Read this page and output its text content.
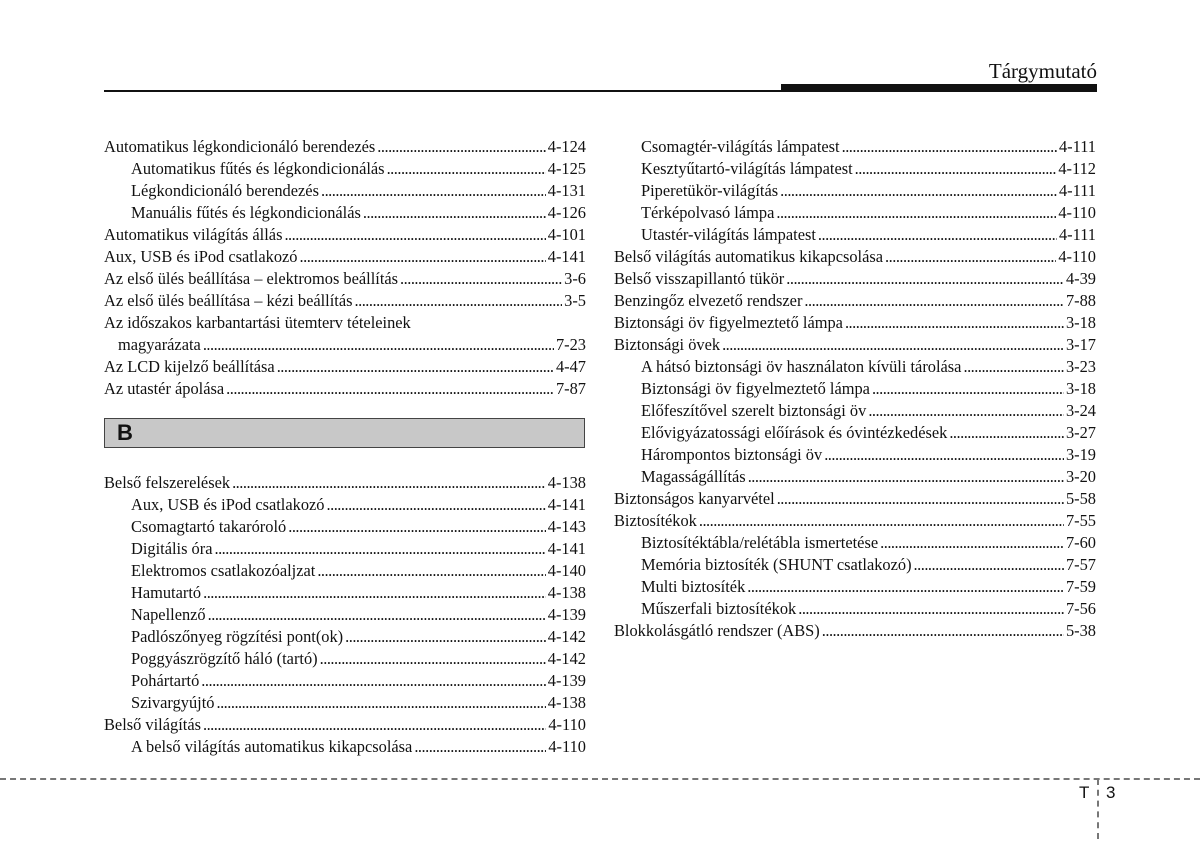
Tárgymutató
Automatikus légkondicionáló berendezés . . .	4-124
Automatikus fűtés és légkondicionálás . . .	4-125
Légkondicionáló berendezés . . .	4-131
Manuális fűtés és légkondicionálás . . .	4-126
Automatikus világítás állás . . .	4-101
Aux, USB és iPod csatlakozó . . .	4-141
Az első ülés beállítása – elektromos beállítás . . .	3-6
Az első ülés beállítása – kézi beállítás . . .	3-5
Az időszakos karbantartási ütemterv tételeinek
magyarázata . . .	7-23
Az LCD kijelző beállítása . . .	4-47
Az utastér ápolása . . .	7-87
B
Belső felszerelések . . .	4-138
Aux, USB és iPod csatlakozó . . .	4-141
Csomagtartó takaróroló . . .	4-143
Digitális óra . . .	4-141
Elektromos csatlakozóaljzat . . .	4-140
Hamutartó . . .	4-138
Napellenző . . .	4-139
Padlószőnyeg rögzítési pont(ok) . . .	4-142
Poggyászrögzítő háló (tartó) . . .	4-142
Pohártartó . . .	4-139
Szivargyújtó . . .	4-138
Belső világítás . . .	4-110
A belső világítás automatikus kikapcsolása . . .	4-110
Csomagtér-világítás lámpatest . . .	4-111
Kesztyűtartó-világítás lámpatest . . .	4-112
Piperetükör-világítás . . .	4-111
Térképolvasó lámpa . . .	4-110
Utastér-világítás lámpatest . . .	4-111
Belső világítás automatikus kikapcsolása . . .	4-110
Belső visszapillantó tükör . . .	4-39
Benzingőz elvezető rendszer . . .	7-88
Biztonsági öv figyelmeztető lámpa . . .	3-18
Biztonsági övek . . .	3-17
A hátsó biztonsági öv használaton kívüli tárolása . . .	3-23
Biztonsági öv figyelmeztető lámpa . . .	3-18
Előfeszítővel szerelt biztonsági öv . . .	3-24
Elővigyázatossági előírások és óvintézkedések . . .	3-27
Hárompontos biztonsági öv . . .	3-19
Magasságállítás . . .	3-20
Biztonságos kanyarvétel . . .	5-58
Biztosítékok . . .	7-55
Biztosítéktábla/relétábla ismertetése . . .	7-60
Memória biztosíték (SHUNT csatlakozó) . . .	7-57
Multi biztosíték . . .	7-59
Műszerfali biztosítékok . . .	7-56
Blokkolásgátló rendszer (ABS) . . .	5-38
T 3
